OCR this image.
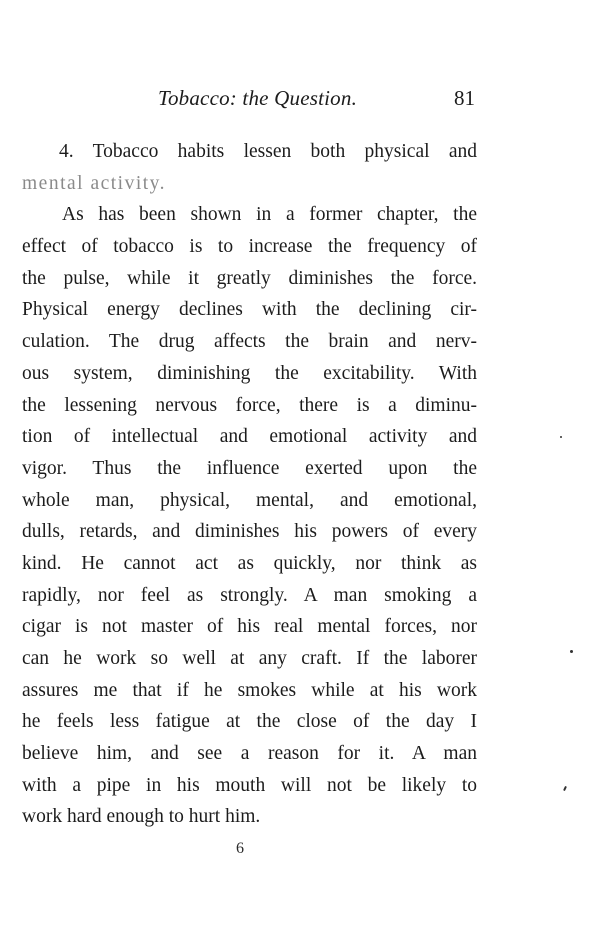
Tobacco: the Question.	81
4. Tobacco habits lessen both physical and
mental activity.
As has been shown in a former chapter, the
effect of tobacco is to increase the frequency of
the pulse, while it greatly diminishes the force.
Physical energy declines with the declining cir-
culation. The drug affects the brain and nerv-
ous system, diminishing the excitability. With
the lessening nervous force, there is a diminu-
tion of intellectual and emotional activity and
vigor. Thus the influence exerted upon the
whole man, physical, mental, and emotional,
dulls, retards, and diminishes his powers of every
kind. He cannot act as quickly, nor think as
rapidly, nor feel as strongly. A man smoking a
cigar is not master of his real mental forces, nor
can he work so well at any craft. If the laborer
assures me that if he smokes while at his work
he feels less fatigue at the close of the day I
believe him, and see a reason for it. A man
with a pipe in his mouth will not be likely to
work hard enough to hurt him.
6
